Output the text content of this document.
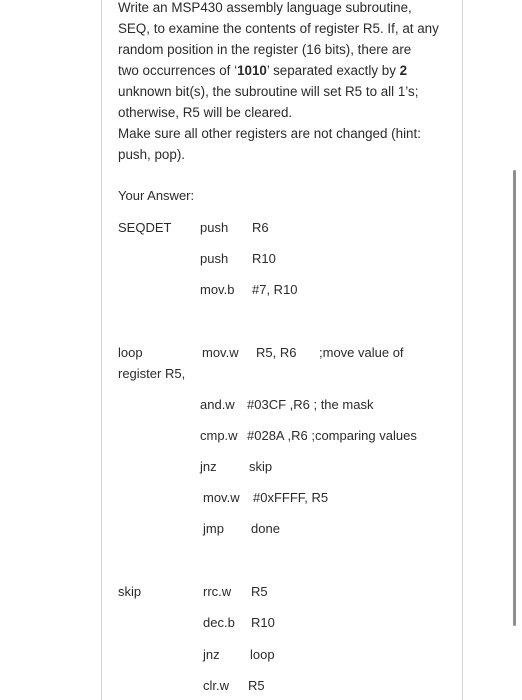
Write an MSP430 assembly language subroutine,

SEQ, to examine the contents of register R5. If, at any

random position in the register (16 bits), there are

two occurrences of ‘1010’ separated exactly by 2

unknown bit(s), the subroutine will set R5 to all 1’s;

otherwise, R5 will be cleared.

Make sure all other registers are not changed (hint:

push, pop).

Your Answer:
SEQDET push R6
push R10
mov.b #7, R10
loop	mov.w R5, R6 ;move value of
register R5,
and.w #03CF ,R6 ; the mask
cmp.w #028A ,R6 ;comparing values
jnz skip
mov.w #0xFFFF, R5
jmp done
skip	rrc.w R5
dec.b R10
jnz loop
clr.w R5
